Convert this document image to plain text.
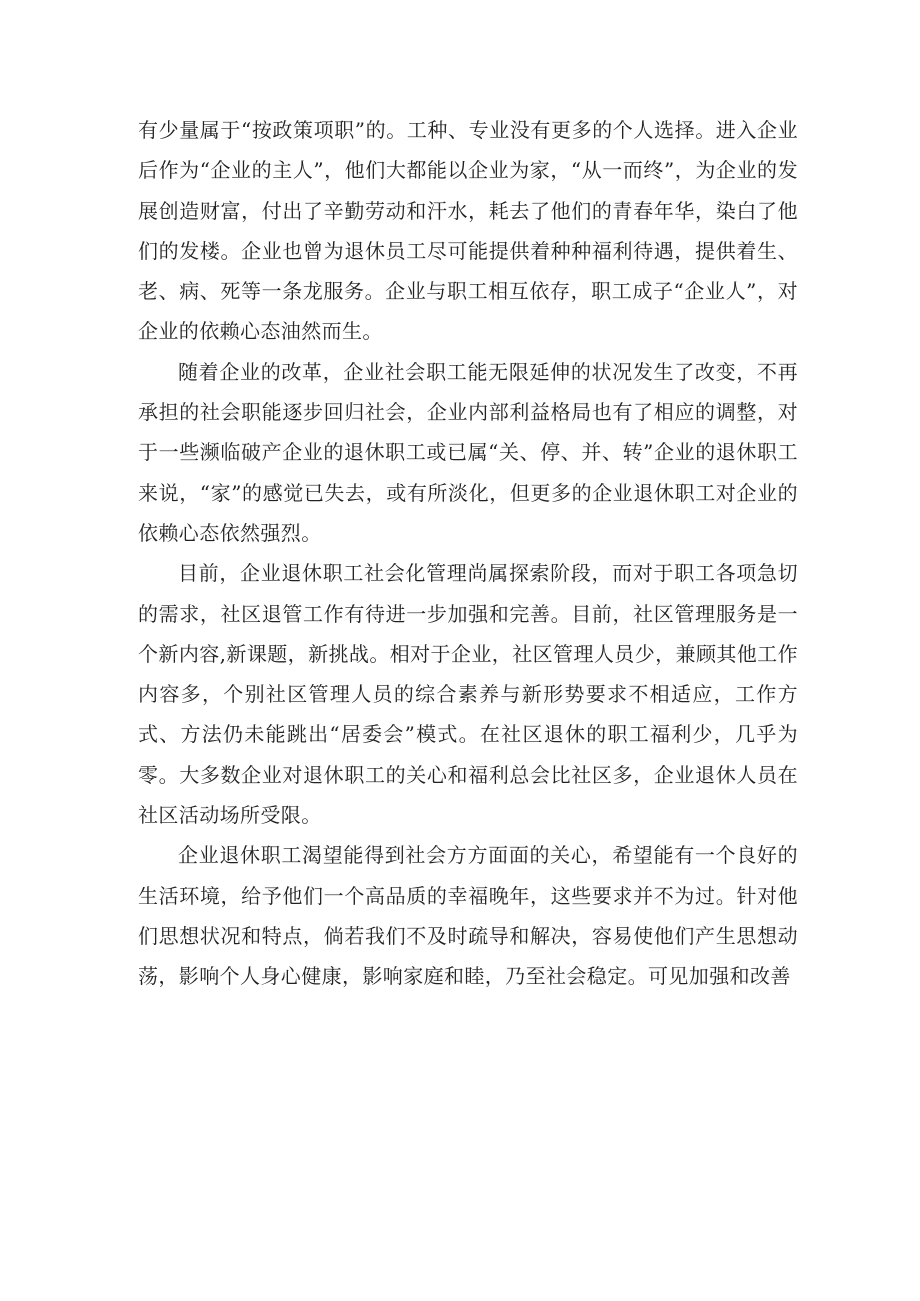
有少量属于“按政策项职”的。工种、专业没有更多的个人选择。进入企业后作为“企业的主人”，他们大都能以企业为家，“从一而终”，为企业的发展创造财富，付出了辛勤劳动和汗水，耗去了他们的青春年华，染白了他们的发楼。企业也曾为退休员工尽可能提供着种种福利待遇，提供着生、老、病、死等一条龙服务。企业与职工相互依存，职工成子“企业人”，对企业的依赖心态油然而生。

随着企业的改革，企业社会职工能无限延伸的状况发生了改变，不再承担的社会职能逐步回归社会，企业内部利益格局也有了相应的调整，对于一些濒临破产企业的退休职工或已属“关、停、并、转”企业的退休职工来说，“家”的感觉已失去，或有所淡化，但更多的企业退休职工对企业的依赖心态依然强烈。

目前，企业退休职工社会化管理尚属探索阶段，而对于职工各项急切的需求，社区退管工作有待进一步加强和完善。目前，社区管理服务是一个新内容,新课题，新挑战。相对于企业，社区管理人员少，兼顾其他工作内容多，个别社区管理人员的综合素养与新形势要求不相适应，工作方式、方法仍未能跳出“居委会”模式。在社区退休的职工福利少，几乎为零。大多数企业对退休职工的关心和福利总会比社区多，企业退休人员在社区活动场所受限。

企业退休职工渴望能得到社会方方面面的关心，希望能有一个良好的生活环境，给予他们一个高品质的幸福晚年，这些要求并不为过。针对他们思想状况和特点，倘若我们不及时疏导和解决，容易使他们产生思想动荡，影响个人身心健康，影响家庭和睦，乃至社会稳定。可见加强和改善
